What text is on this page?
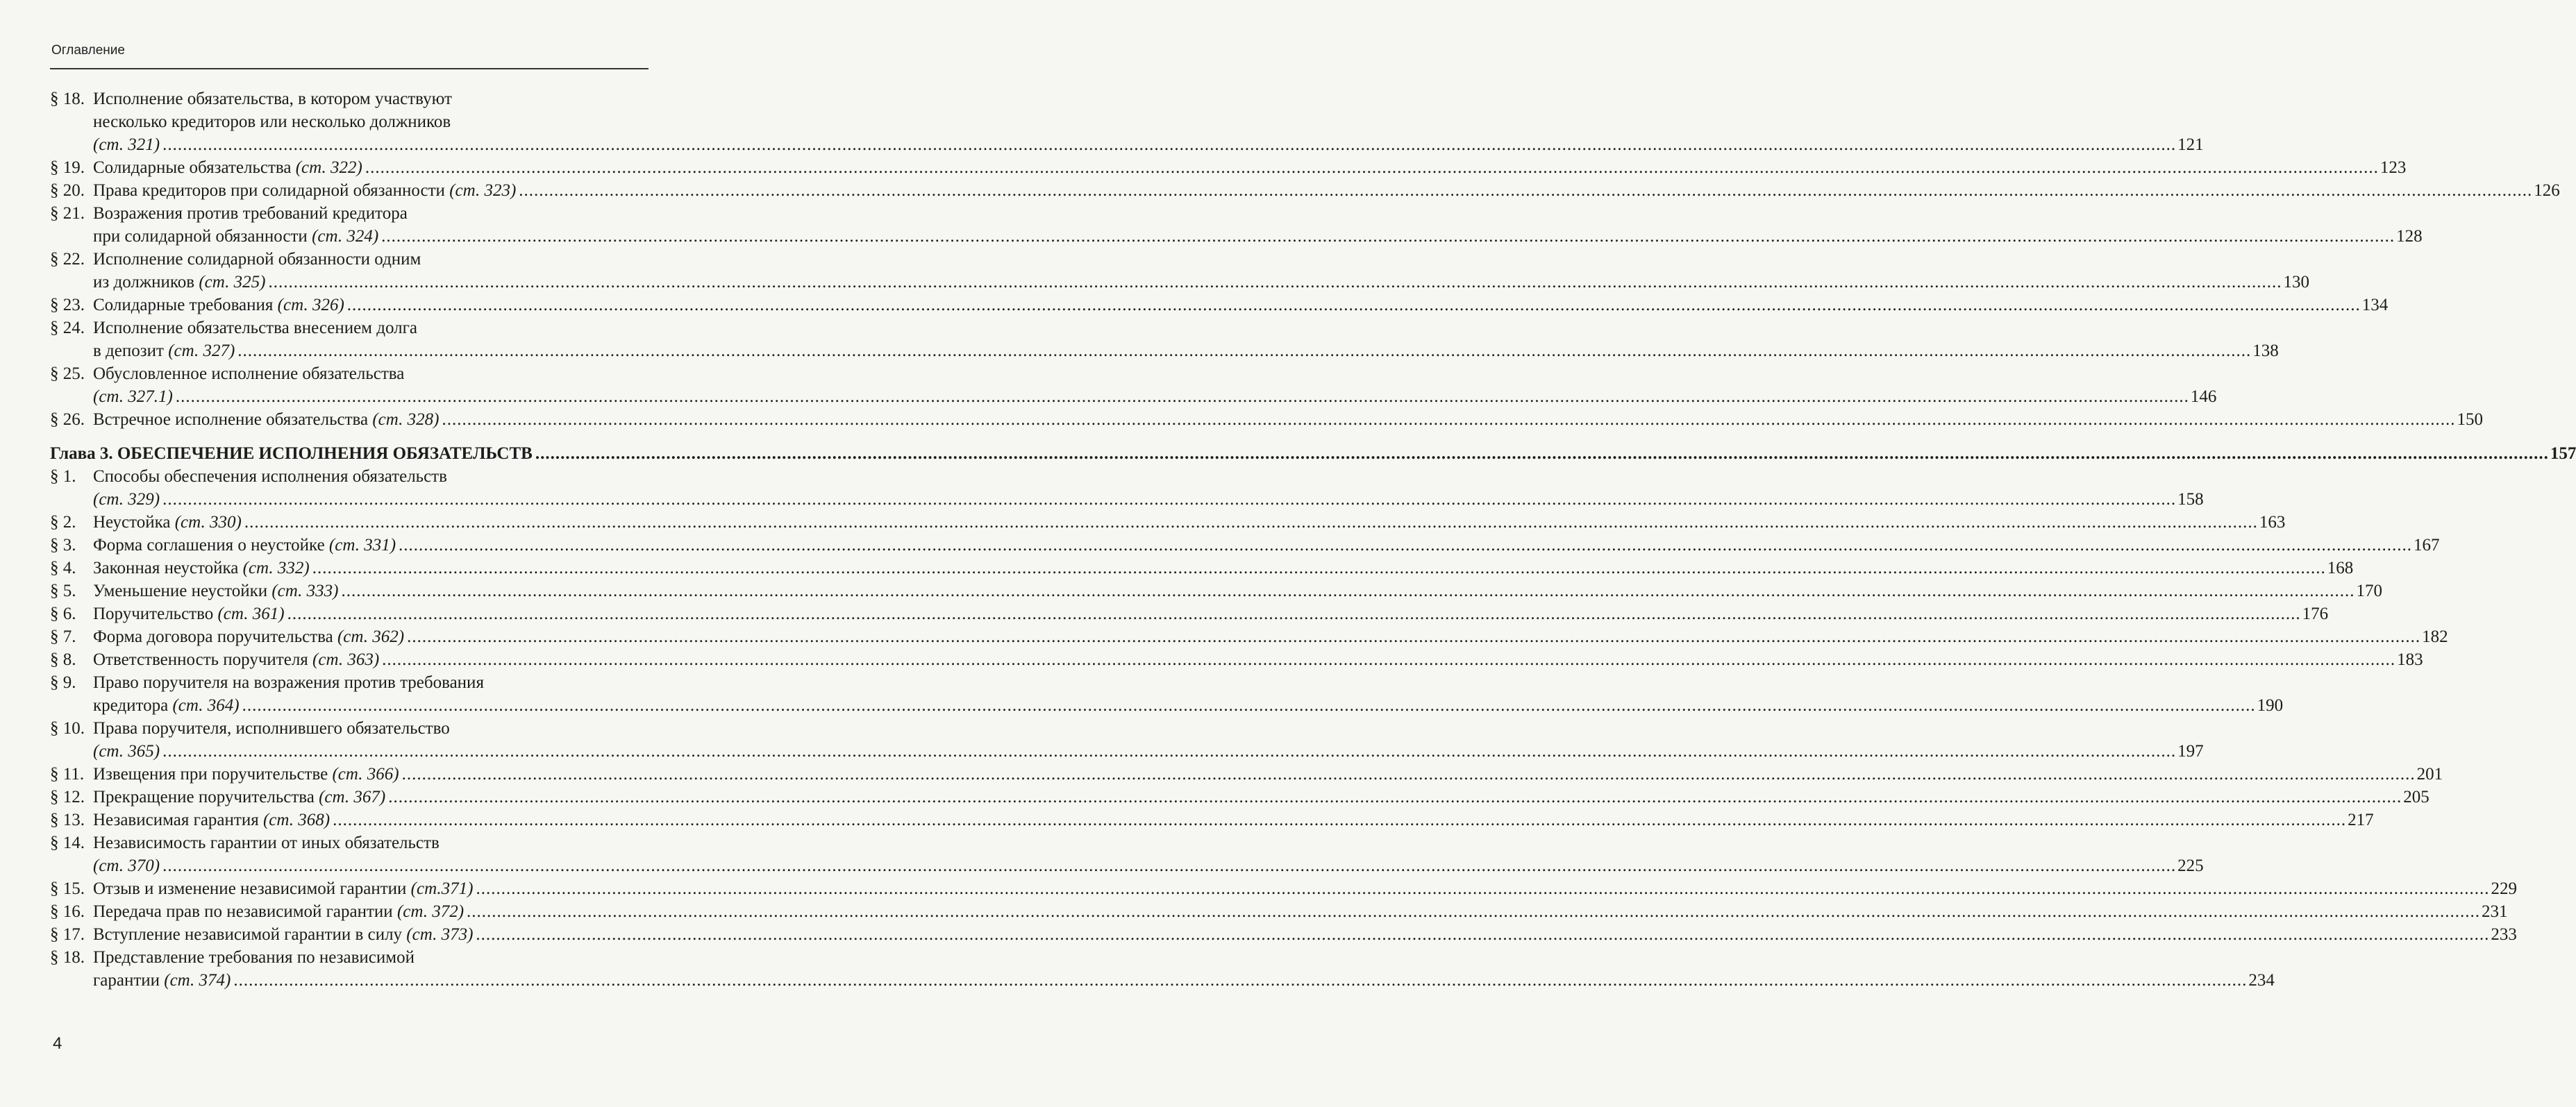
Оглавление
§ 18. Исполнение обязательства, в котором участвуют
несколько кредиторов или несколько должников
(ст. 321) ................................................................................................................................................................................................................................................................................................................................................................................................................ 121
§ 19. Солидарные обязательства (ст. 322) ................................................................................................................................................................................................................................................................................................................................................................................................................ 123
§ 20. Права кредиторов при солидарной обязанности (ст. 323) ................................................................................................................................................................................................................................................................................................................................................................................................................ 126
§ 21. Возражения против требований кредитора
при солидарной обязанности (ст. 324) ................................................................................................................................................................................................................................................................................................................................................................................................................ 128
§ 22. Исполнение солидарной обязанности одним
из должников (ст. 325) ................................................................................................................................................................................................................................................................................................................................................................................................................ 130
§ 23. Солидарные требования (ст. 326) ................................................................................................................................................................................................................................................................................................................................................................................................................ 134
§ 24. Исполнение обязательства внесением долга
в депозит (ст. 327) ................................................................................................................................................................................................................................................................................................................................................................................................................ 138
§ 25. Обусловленное исполнение обязательства
(ст. 327.1) ................................................................................................................................................................................................................................................................................................................................................................................................................ 146
§ 26. Встречное исполнение обязательства (ст. 328) ................................................................................................................................................................................................................................................................................................................................................................................................................ 150
Глава 3. ОБЕСПЕЧЕНИЕ ИСПОЛНЕНИЯ ОБЯЗАТЕЛЬСТВ ................................................................................................................................................................................................................................................................................................................................................................................................................ 157
§ 1. Способы обеспечения исполнения обязательств
(ст. 329) ................................................................................................................................................................................................................................................................................................................................................................................................................ 158
§ 2. Неустойка (ст. 330) ................................................................................................................................................................................................................................................................................................................................................................................................................ 163
§ 3. Форма соглашения о неустойке (ст. 331) ................................................................................................................................................................................................................................................................................................................................................................................................................ 167
§ 4. Законная неустойка (ст. 332) ................................................................................................................................................................................................................................................................................................................................................................................................................ 168
§ 5. Уменьшение неустойки (ст. 333) ................................................................................................................................................................................................................................................................................................................................................................................................................ 170
§ 6. Поручительство (ст. 361) ................................................................................................................................................................................................................................................................................................................................................................................................................ 176
§ 7. Форма договора поручительства (ст. 362) ................................................................................................................................................................................................................................................................................................................................................................................................................ 182
§ 8. Ответственность поручителя (ст. 363) ................................................................................................................................................................................................................................................................................................................................................................................................................ 183
§ 9. Право поручителя на возражения против требования
кредитора (ст. 364) ................................................................................................................................................................................................................................................................................................................................................................................................................ 190
§ 10. Права поручителя, исполнившего обязательство
(ст. 365) ................................................................................................................................................................................................................................................................................................................................................................................................................ 197
§ 11. Извещения при поручительстве (ст. 366) ................................................................................................................................................................................................................................................................................................................................................................................................................ 201
§ 12. Прекращение поручительства (ст. 367) ................................................................................................................................................................................................................................................................................................................................................................................................................ 205
§ 13. Независимая гарантия (ст. 368) ................................................................................................................................................................................................................................................................................................................................................................................................................ 217
§ 14. Независимость гарантии от иных обязательств
(ст. 370) ................................................................................................................................................................................................................................................................................................................................................................................................................ 225
§ 15. Отзыв и изменение независимой гарантии (ст.371) ................................................................................................................................................................................................................................................................................................................................................................................................................ 229
§ 16. Передача прав по независимой гарантии (ст. 372) ................................................................................................................................................................................................................................................................................................................................................................................................................ 231
§ 17. Вступление независимой гарантии в силу (ст. 373) ................................................................................................................................................................................................................................................................................................................................................................................................................ 233
§ 18. Представление требования по независимой
гарантии (ст. 374) ................................................................................................................................................................................................................................................................................................................................................................................................................ 234
4
